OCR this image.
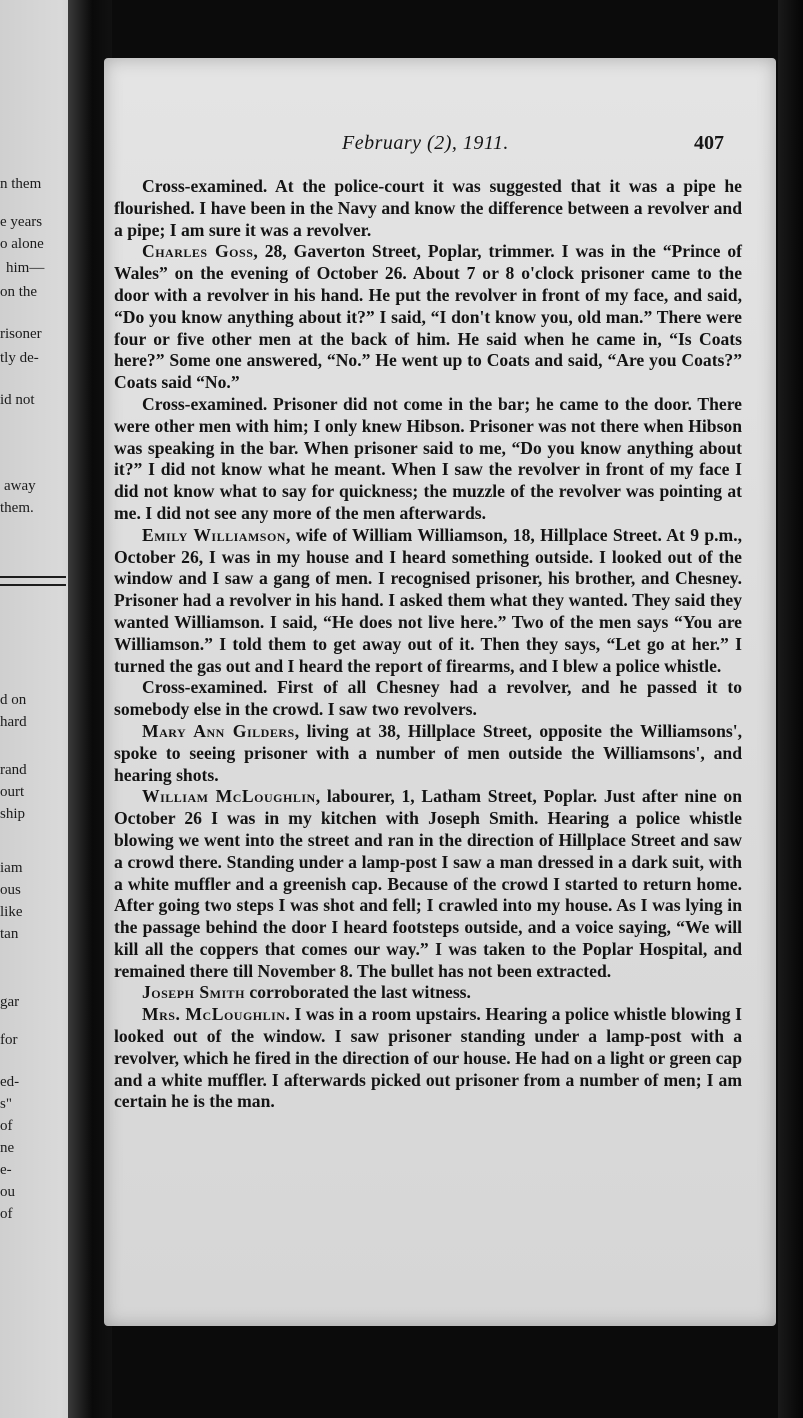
n them
e years
o alone
him—
on the
risoner
tly de-
id not
away
them.
d on
hard
rand
ourt
ship
iam
ous
like
tan
gar
for
ed-
s"
of
ne
e-
ou
of
February (2), 1911.	407

Cross-examined. At the police-court it was suggested that it was a pipe he flourished. I have been in the Navy and know the difference between a revolver and a pipe; I am sure it was a revolver.

Charles Goss, 28, Gaverton Street, Poplar, trimmer. I was in the “Prince of Wales” on the evening of October 26. About 7 or 8 o'clock prisoner came to the door with a revolver in his hand. He put the revolver in front of my face, and said, “Do you know anything about it?” I said, “I don't know you, old man.” There were four or five other men at the back of him. He said when he came in, “Is Coats here?” Some one answered, “No.” He went up to Coats and said, “Are you Coats?” Coats said “No.”

Cross-examined. Prisoner did not come in the bar; he came to the door. There were other men with him; I only knew Hibson. Prisoner was not there when Hibson was speaking in the bar. When prisoner said to me, “Do you know anything about it?” I did not know what he meant. When I saw the revolver in front of my face I did not know what to say for quickness; the muzzle of the revolver was pointing at me. I did not see any more of the men afterwards.

Emily Williamson, wife of William Williamson, 18, Hillplace Street. At 9 p.m., October 26, I was in my house and I heard something outside. I looked out of the window and I saw a gang of men. I recognised prisoner, his brother, and Chesney. Prisoner had a revolver in his hand. I asked them what they wanted. They said they wanted Williamson. I said, “He does not live here.” Two of the men says “You are Williamson.” I told them to get away out of it. Then they says, “Let go at her.” I turned the gas out and I heard the report of firearms, and I blew a police whistle.

Cross-examined. First of all Chesney had a revolver, and he passed it to somebody else in the crowd. I saw two revolvers.

Mary Ann Gilders, living at 38, Hillplace Street, opposite the Williamsons', spoke to seeing prisoner with a number of men outside the Williamsons', and hearing shots.

William McLoughlin, labourer, 1, Latham Street, Poplar. Just after nine on October 26 I was in my kitchen with Joseph Smith. Hearing a police whistle blowing we went into the street and ran in the direction of Hillplace Street and saw a crowd there. Standing under a lamp-post I saw a man dressed in a dark suit, with a white muffler and a greenish cap. Because of the crowd I started to return home. After going two steps I was shot and fell; I crawled into my house. As I was lying in the passage behind the door I heard footsteps outside, and a voice saying, “We will kill all the coppers that comes our way.” I was taken to the Poplar Hospital, and remained there till November 8. The bullet has not been extracted.

Joseph Smith corroborated the last witness.

Mrs. McLoughlin. I was in a room upstairs. Hearing a police whistle blowing I looked out of the window. I saw prisoner standing under a lamp-post with a revolver, which he fired in the direction of our house. He had on a light or green cap and a white muffler. I afterwards picked out prisoner from a number of men; I am certain he is the man.
